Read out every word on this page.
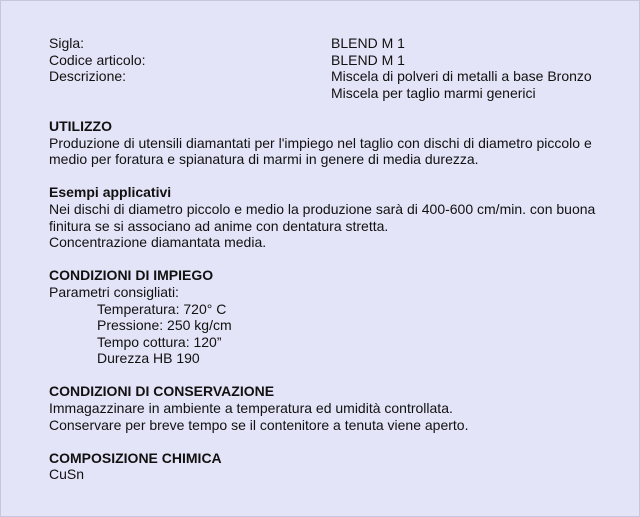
Sigla:	BLEND M 1
Codice articolo:	BLEND M 1
Descrizione:	Miscela di polveri di metalli a base Bronzo
Miscela per taglio marmi generici
UTILIZZO
Produzione di utensili diamantati per l'impiego nel taglio con dischi di diametro piccolo e
medio per foratura e spianatura di marmi in genere di media durezza.
Esempi applicativi
Nei dischi di diametro piccolo e medio la produzione sarà di 400-600 cm/min. con buona
finitura se si associano ad anime con dentatura stretta.
Concentrazione diamantata media.
CONDIZIONI DI IMPIEGO
Parametri consigliati:
Temperatura: 720° C
Pressione: 250 kg/cm
Tempo cottura: 120”
Durezza HB 190
CONDIZIONI DI CONSERVAZIONE
Immagazzinare in ambiente a temperatura ed umidità controllata.
Conservare per breve tempo se il contenitore a tenuta viene aperto.
COMPOSIZIONE CHIMICA
CuSn
